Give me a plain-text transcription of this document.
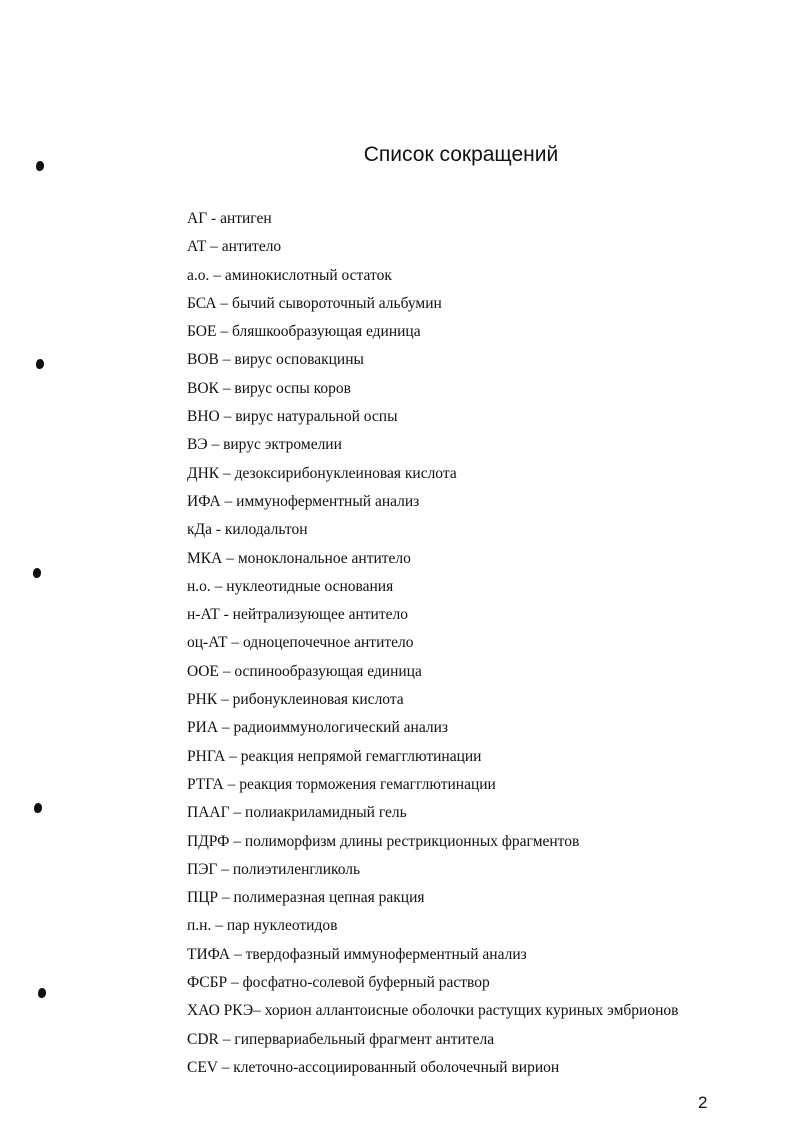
Список сокращений
АГ - антиген
АТ – антитело
а.о. – аминокислотный остаток
БСА – бычий сывороточный альбумин
БОЕ – бляшкообразующая единица
ВОВ – вирус осповакцины
ВОК – вирус оспы коров
ВНО – вирус натуральной оспы
ВЭ – вирус эктромелии
ДНК – дезоксирибонуклеиновая кислота
ИФА – иммуноферментный анализ
кДа - килодальтон
МКА – моноклональное антитело
н.о. – нуклеотидные основания
н-АТ - нейтрализующее антитело
оц-АТ – одноцепочечное антитело
ООЕ – оспинообразующая единица
РНК – рибонуклеиновая кислота
РИА – радиоиммунологический анализ
РНГА – реакция непрямой гемагглютинации
РТГА – реакция торможения гемагглютинации
ПААГ – полиакриламидный гель
ПДРФ – полиморфизм длины рестрикционных фрагментов
ПЭГ – полиэтиленгликоль
ПЦР – полимеразная цепная ракция
п.н. – пар нуклеотидов
ТИФА – твердофазный иммуноферментный анализ
ФСБР – фосфатно-солевой буферный раствор
ХАО РКЭ– хорион аллантоисные оболочки растущих куриных эмбрионов
CDR – гипервариабельный фрагмент антитела
CEV – клеточно-ассоциированный оболочечный вирион
2
